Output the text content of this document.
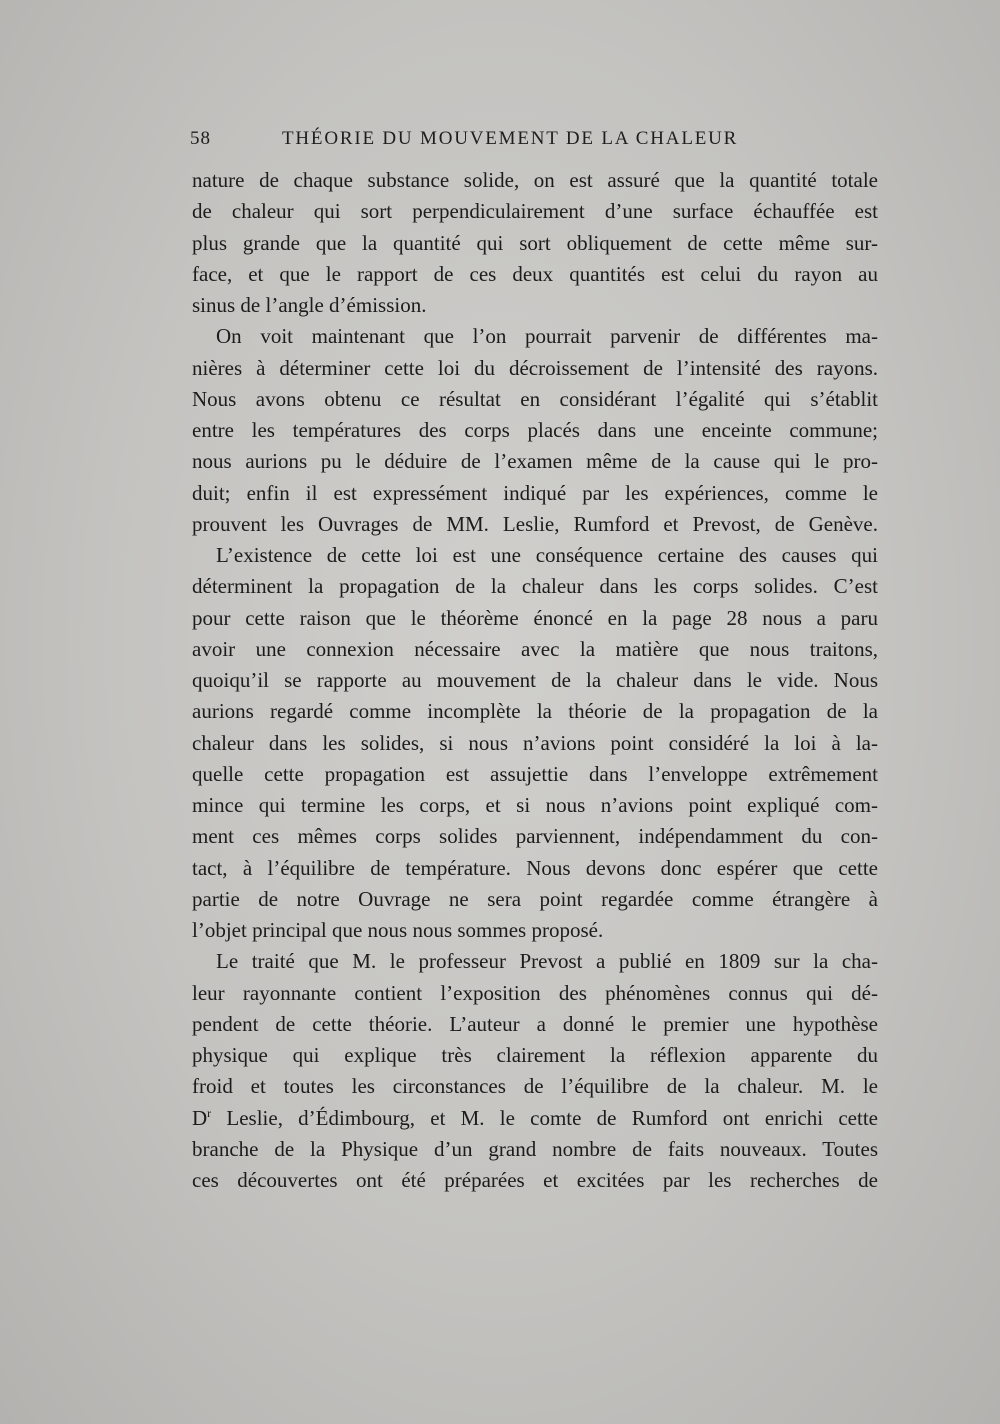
58	THÉORIE DU MOUVEMENT DE LA CHALEUR
nature de chaque substance solide, on est assuré que la quantité totale
de chaleur qui sort perpendiculairement d’une surface échauffée est
plus grande que la quantité qui sort obliquement de cette même sur-
face, et que le rapport de ces deux quantités est celui du rayon au
sinus de l’angle d’émission.
On voit maintenant que l’on pourrait parvenir de différentes ma-
nières à déterminer cette loi du décroissement de l’intensité des rayons.
Nous avons obtenu ce résultat en considérant l’égalité qui s’établit
entre les températures des corps placés dans une enceinte commune;
nous aurions pu le déduire de l’examen même de la cause qui le pro-
duit; enfin il est expressément indiqué par les expériences, comme le
prouvent les Ouvrages de MM. Leslie, Rumford et Prevost, de Genève.
L’existence de cette loi est une conséquence certaine des causes qui
déterminent la propagation de la chaleur dans les corps solides. C’est
pour cette raison que le théorème énoncé en la page 28 nous a paru
avoir une connexion nécessaire avec la matière que nous traitons,
quoiqu’il se rapporte au mouvement de la chaleur dans le vide. Nous
aurions regardé comme incomplète la théorie de la propagation de la
chaleur dans les solides, si nous n’avions point considéré la loi à la-
quelle cette propagation est assujettie dans l’enveloppe extrêmement
mince qui termine les corps, et si nous n’avions point expliqué com-
ment ces mêmes corps solides parviennent, indépendamment du con-
tact, à l’équilibre de température. Nous devons donc espérer que cette
partie de notre Ouvrage ne sera point regardée comme étrangère à
l’objet principal que nous nous sommes proposé.
Le traité que M. le professeur Prevost a publié en 1809 sur la cha-
leur rayonnante contient l’exposition des phénomènes connus qui dé-
pendent de cette théorie. L’auteur a donné le premier une hypothèse
physique qui explique très clairement la réflexion apparente du
froid et toutes les circonstances de l’équilibre de la chaleur. M. le
$D^r$ Leslie, d’Édimbourg, et M. le comte de Rumford ont enrichi cette
branche de la Physique d’un grand nombre de faits nouveaux. Toutes
ces découvertes ont été préparées et excitées par les recherches de
